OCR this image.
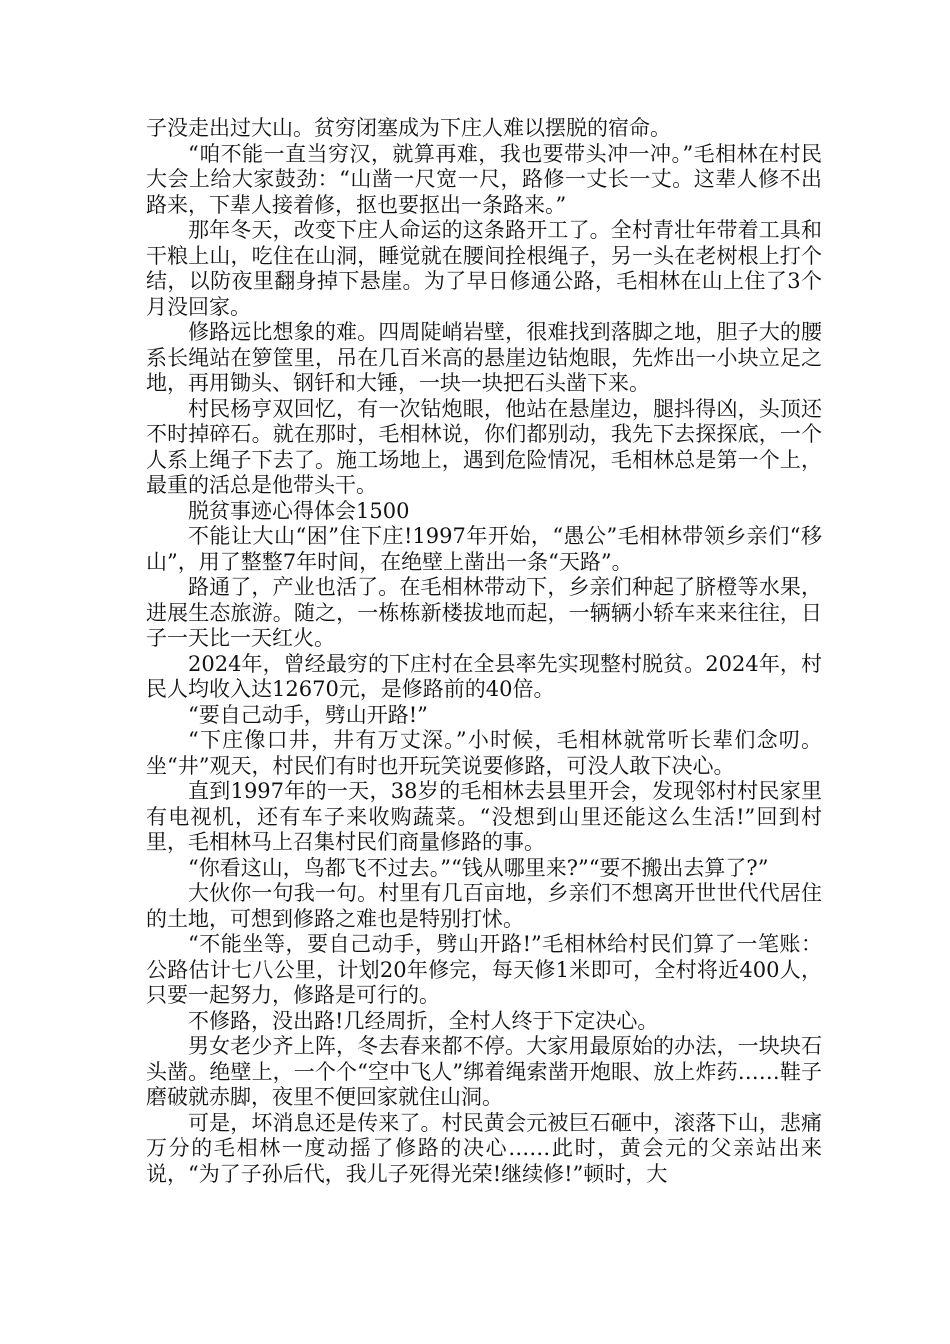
子没走出过大山。贫穷闭塞成为下庄人难以摆脱的宿命。

“咱不能一直当穷汉，就算再难，我也要带头冲一冲。”毛相林在村民大会上给大家鼓劲：“山凿一尺宽一尺，路修一丈长一丈。这辈人修不出路来，下辈人接着修，抠也要抠出一条路来。”

那年冬天，改变下庄人命运的这条路开工了。全村青壮年带着工具和干粮上山，吃住在山洞，睡觉就在腰间拴根绳子，另一头在老树根上打个结，以防夜里翻身掉下悬崖。为了早日修通公路，毛相林在山上住了3个月没回家。

修路远比想象的难。四周陡峭岩壁，很难找到落脚之地，胆子大的腰系长绳站在箩筐里，吊在几百米高的悬崖边钻炮眼，先炸出一小块立足之地，再用锄头、钢钎和大锤，一块一块把石头凿下来。

村民杨亨双回忆，有一次钻炮眼，他站在悬崖边，腿抖得凶，头顶还不时掉碎石。就在那时，毛相林说，你们都别动，我先下去探探底，一个人系上绳子下去了。施工场地上，遇到危险情况，毛相林总是第一个上，最重的活总是他带头干。

脱贫事迹心得体会1500

不能让大山“困”住下庄!1997年开始，“愚公”毛相林带领乡亲们“移山”，用了整整7年时间，在绝壁上凿出一条“天路”。

路通了，产业也活了。在毛相林带动下，乡亲们种起了脐橙等水果，进展生态旅游。随之，一栋栋新楼拔地而起，一辆辆小轿车来来往往，日子一天比一天红火。

2024年，曾经最穷的下庄村在全县率先实现整村脱贫。2024年，村民人均收入达12670元，是修路前的40倍。

“要自己动手，劈山开路!”

“下庄像口井，井有万丈深。”小时候，毛相林就常听长辈们念叨。坐“井”观天，村民们有时也开玩笑说要修路，可没人敢下决心。

直到1997年的一天，38岁的毛相林去县里开会，发现邻村村民家里有电视机，还有车子来收购蔬菜。“没想到山里还能这么生活!”回到村里，毛相林马上召集村民们商量修路的事。

“你看这山，鸟都飞不过去。”“钱从哪里来?”“要不搬出去算了?”

大伙你一句我一句。村里有几百亩地，乡亲们不想离开世世代代居住的土地，可想到修路之难也是特别打怵。

“不能坐等，要自己动手，劈山开路!”毛相林给村民们算了一笔账：公路估计七八公里，计划20年修完，每天修1米即可，全村将近400人，只要一起努力，修路是可行的。

不修路，没出路!几经周折，全村人终于下定决心。

男女老少齐上阵，冬去春来都不停。大家用最原始的办法，一块块石头凿。绝壁上，一个个“空中飞人”绑着绳索凿开炮眼、放上炸药……鞋子磨破就赤脚，夜里不便回家就住山洞。

可是，坏消息还是传来了。村民黄会元被巨石砸中，滚落下山，悲痛万分的毛相林一度动摇了修路的决心……此时，黄会元的父亲站出来说，“为了子孙后代，我儿子死得光荣!继续修!”顿时，大
